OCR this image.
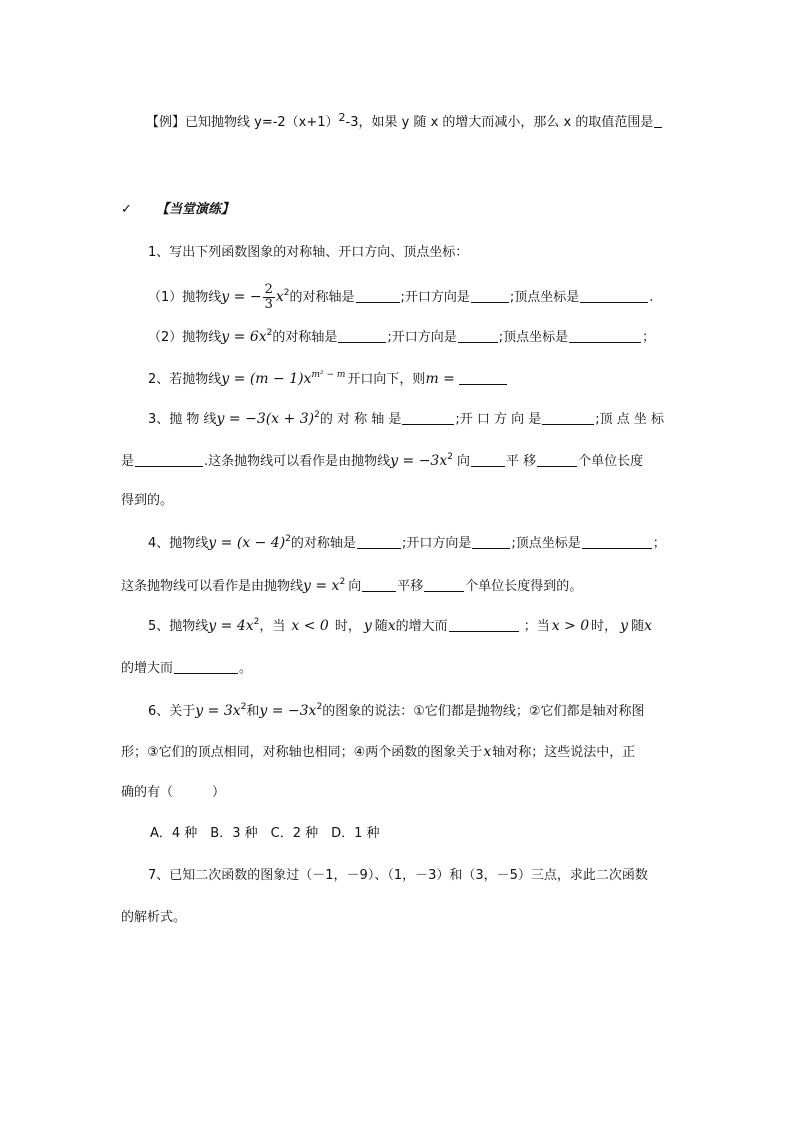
【例】已知抛物线 $y=-2(x+1)^2-3$，如果 y 随 x 的增大而减小，那么 x 的取值范围是
✓ 【当堂演练】
1、写出下列函数图象的对称轴、开口方向、顶点坐标：
（1）抛物线y = − $\frac{2}{3} x^2$的对称轴是	;开口方向是	;顶点坐标是	.
（2）抛物线$y = 6x^2$的对称轴是	;开口方向是	;顶点坐标是	；
2、若抛物线$y = (m - 1)x^{m^2 - m}$ 开口向下，则m =
3、抛 物 线$y = -3(x + 3)^2$的 对 称 轴 是	;开 口 方 向 是	;顶 点 坐 标
是	.这条抛物线可以看作是由抛物线$y = -3x^2$ 向	平 移	个单位长度
得到的。
4、抛物线$y = (x - 4)^2$的对称轴是	;开口方向是	;顶点坐标是	；
这条抛物线可以看作是由抛物线$y = x^2$ 向	平移	个单位长度得到的。
5、抛物线$y = 4x^2$，当 x < 0 时， y 随x的增大而	；当 x > 0 时， y 随x
的增大而	。
6、关于$y = 3x^2$和$y = -3x^2$的图象的说法：①它们都是抛物线；②它们都是轴对称图
形；③它们的顶点相同，对称轴也相同；④两个函数的图象关于x轴对称；这些说法中，正
确的有（　　　）
A．4 种　B．3 种　C．2 种　D．1 种
7、已知二次函数的图象过（－1，－9）、（1，－3）和（3，－5）三点，求此二次函数
的解析式。
